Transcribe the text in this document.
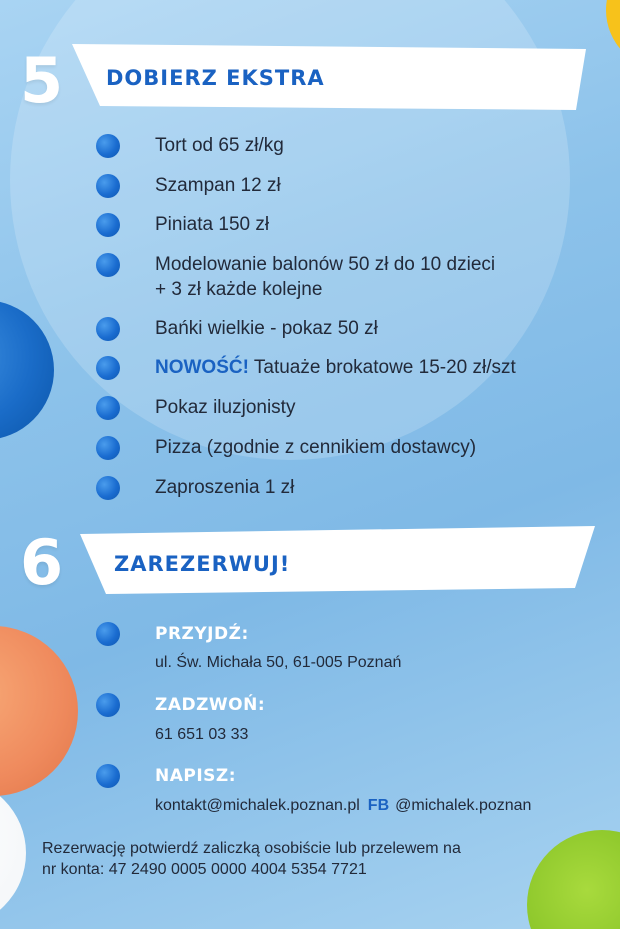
5 DOBIERZ EKSTRA
Tort od 65 zł/kg
Szampan 12 zł
Piniata 150 zł
Modelowanie balonów 50 zł do 10 dzieci
+ 3 zł każde kolejne
Bańki wielkie - pokaz 50 zł
NOWOŚĆ! Tatuaże brokatowe 15-20 zł/szt
Pokaz iluzjonisty
Pizza (zgodnie z cennikiem dostawcy)
Zaproszenia 1 zł
6 ZAREZERWUJ!
PRZYJDŹ:
ul. Św. Michała 50, 61-005 Poznań
ZADZWOŃ:
61 651 03 33
NAPISZ:
kontakt@michalek.poznan.pl FB @michalek.poznan
Rezerwację potwierdź zaliczką osobiście lub przelewem na
nr konta: 47 2490 0005 0000 4004 5354 7721
